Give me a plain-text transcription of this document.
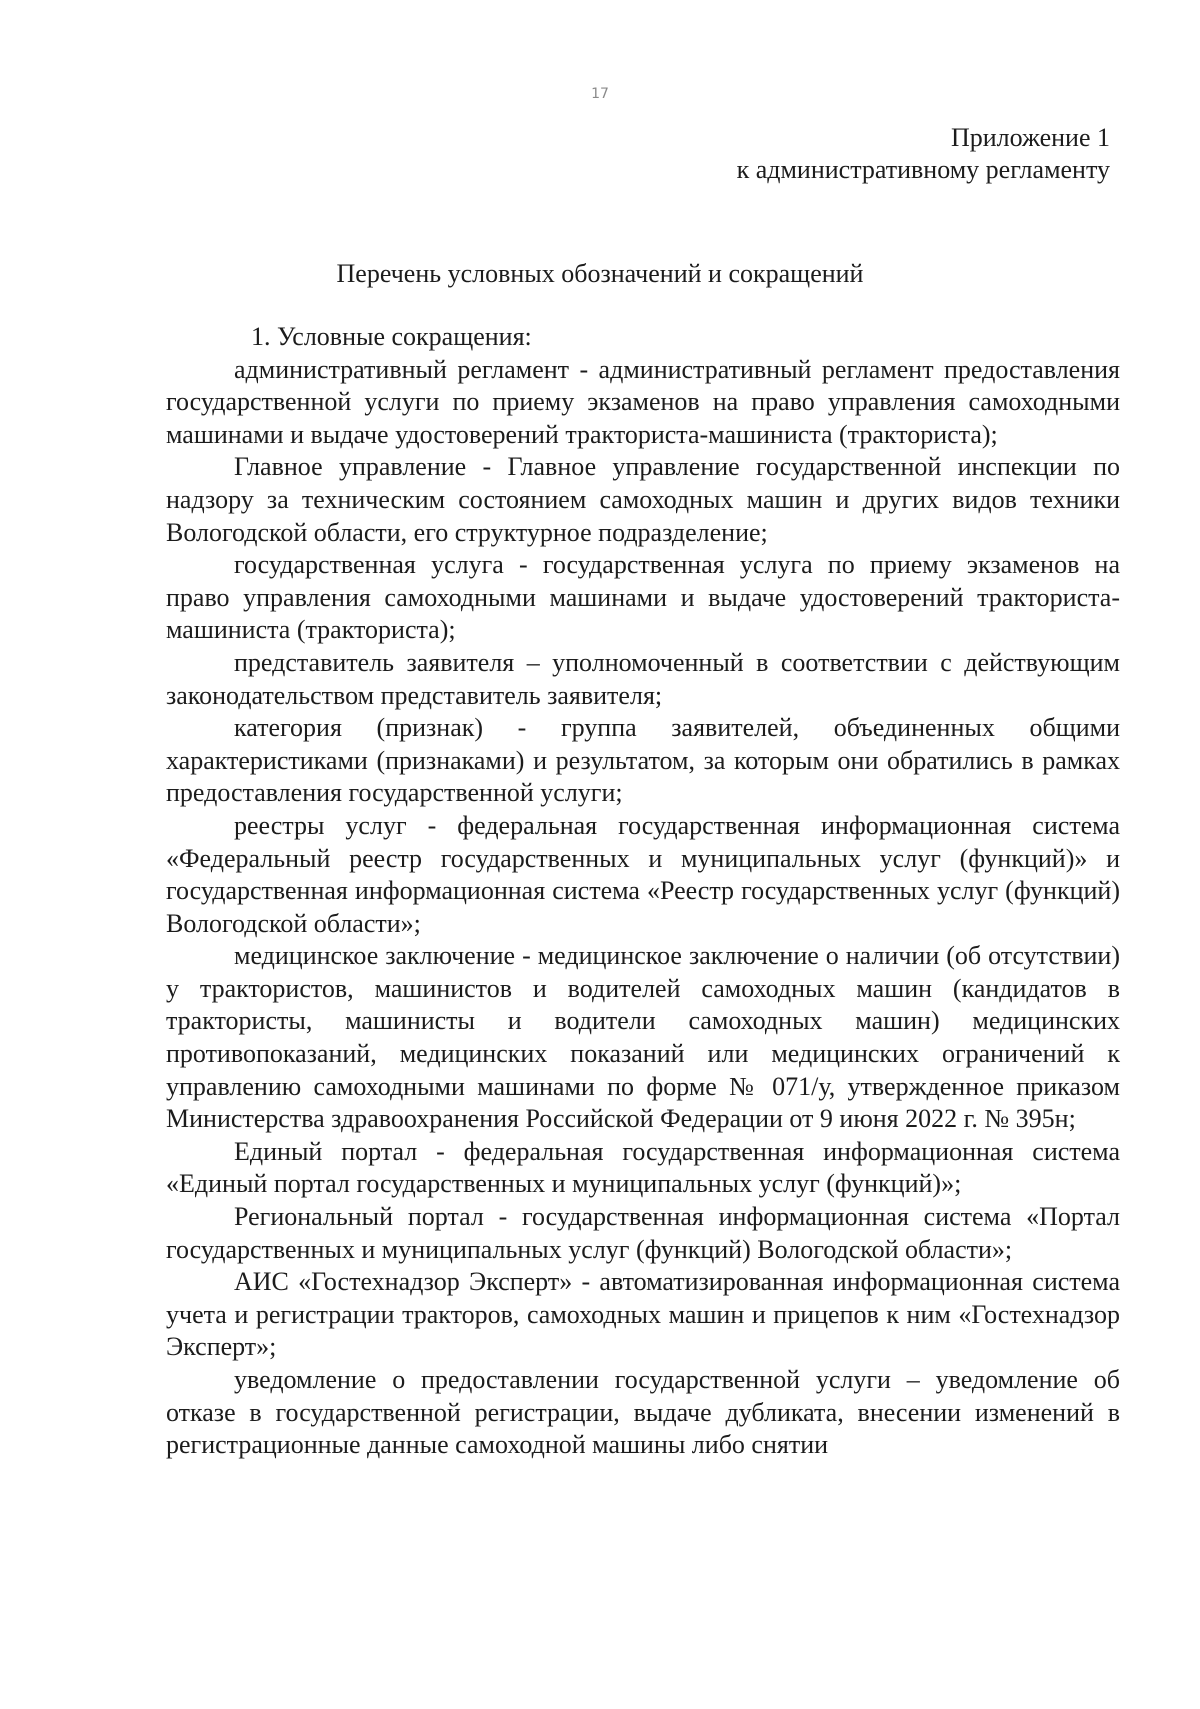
17
Приложение 1
к административному регламенту
Перечень условных обозначений и сокращений

1. Условные сокращения:

административный регламент - административный регламент предоставления государственной услуги по приему экзаменов на право управления самоходными машинами и выдаче удостоверений тракториста-машиниста (тракториста);

Главное управление - Главное управление государственной инспекции по надзору за техническим состоянием самоходных машин и других видов техники Вологодской области, его структурное подразделение;

государственная услуга - государственная услуга по приему экзаменов на право управления самоходными машинами и выдаче удостоверений тракториста-машиниста (тракториста);

представитель заявителя – уполномоченный в соответствии с действующим законодательством представитель заявителя;

категория (признак) - группа заявителей, объединенных общими характеристиками (признаками) и результатом, за которым они обратились в рамках предоставления государственной услуги;

реестры услуг - федеральная государственная информационная система «Федеральный реестр государственных и муниципальных услуг (функций)» и государственная информационная система «Реестр государственных услуг (функций) Вологодской области»;

медицинское заключение - медицинское заключение о наличии (об отсутствии) у трактористов, машинистов и водителей самоходных машин (кандидатов в трактористы, машинисты и водители самоходных машин) медицинских противопоказаний, медицинских показаний или медицинских ограничений к управлению самоходными машинами по форме № 071/у, утвержденное приказом Министерства здравоохранения Российской Федерации от 9 июня 2022 г. № 395н;

Единый портал - федеральная государственная информационная система «Единый портал государственных и муниципальных услуг (функций)»;

Региональный портал - государственная информационная система «Портал государственных и муниципальных услуг (функций) Вологодской области»;

АИС «Гостехнадзор Эксперт» - автоматизированная информационная система учета и регистрации тракторов, самоходных машин и прицепов к ним «Гостехнадзор Эксперт»;

уведомление о предоставлении государственной услуги – уведомление об отказе в государственной регистрации, выдаче дубликата, внесении изменений в регистрационные данные самоходной машины либо снятии
